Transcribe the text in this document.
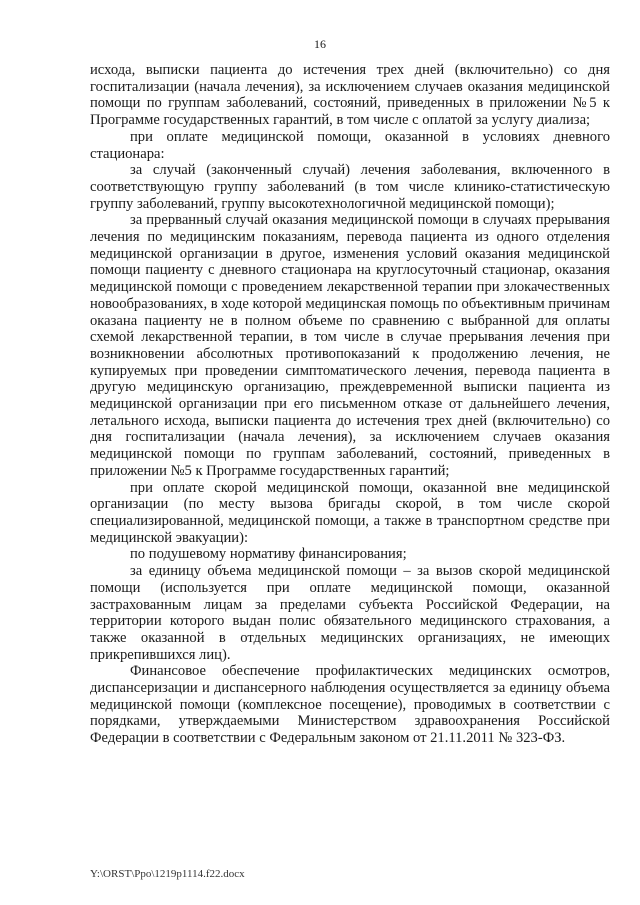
16

исхода, выписки пациента до истечения трех дней (включительно) со дня госпитализации (начала лечения), за исключением случаев оказания медицинской помощи по группам заболеваний, состояний, приведенных в приложении №5 к Программе государственных гарантий, в том числе с оплатой за услугу диализа;

при оплате медицинской помощи, оказанной в условиях дневного стационара:

за случай (законченный случай) лечения заболевания, включенного в соответствующую группу заболеваний (в том числе клинико-статистическую группу заболеваний, группу высокотехнологичной медицинской помощи);

за прерванный случай оказания медицинской помощи в случаях прерывания лечения по медицинским показаниям, перевода пациента из одного отделения медицинской организации в другое, изменения условий оказания медицинской помощи пациенту с дневного стационара на круглосуточный стационар, оказания медицинской помощи с проведением лекарственной терапии при злокачественных новообразованиях, в ходе которой медицинская помощь по объективным причинам оказана пациенту не в полном объеме по сравнению с выбранной для оплаты схемой лекарственной терапии, в том числе в случае прерывания лечения при возникновении абсолютных противопоказаний к продолжению лечения, не купируемых при проведении симптоматического лечения, перевода пациента в другую медицинскую организацию, преждевременной выписки пациента из медицинской организации при его письменном отказе от дальнейшего лечения, летального исхода, выписки пациента до истечения трех дней (включительно) со дня госпитализации (начала лечения), за исключением случаев оказания медицинской помощи по группам заболеваний, состояний, приведенных в приложении №5 к Программе государственных гарантий;

при оплате скорой медицинской помощи, оказанной вне медицинской организации (по месту вызова бригады скорой, в том числе скорой специализированной, медицинской помощи, а также в транспортном средстве при медицинской эвакуации):

по подушевому нормативу финансирования;

за единицу объема медицинской помощи – за вызов скорой медицинской помощи (используется при оплате медицинской помощи, оказанной застрахованным лицам за пределами субъекта Российской Федерации, на территории которого выдан полис обязательного медицинского страхования, а также оказанной в отдельных медицинских организациях, не имеющих прикрепившихся лиц).

Финансовое обеспечение профилактических медицинских осмотров, диспансеризации и диспансерного наблюдения осуществляется за единицу объема медицинской помощи (комплексное посещение), проводимых в соответствии с порядками, утверждаемыми Министерством здравоохранения Российской Федерации в соответствии с Федеральным законом от 21.11.2011 № 323-ФЗ.

Y:\ORST\Ppo\1219p1114.f22.docx
